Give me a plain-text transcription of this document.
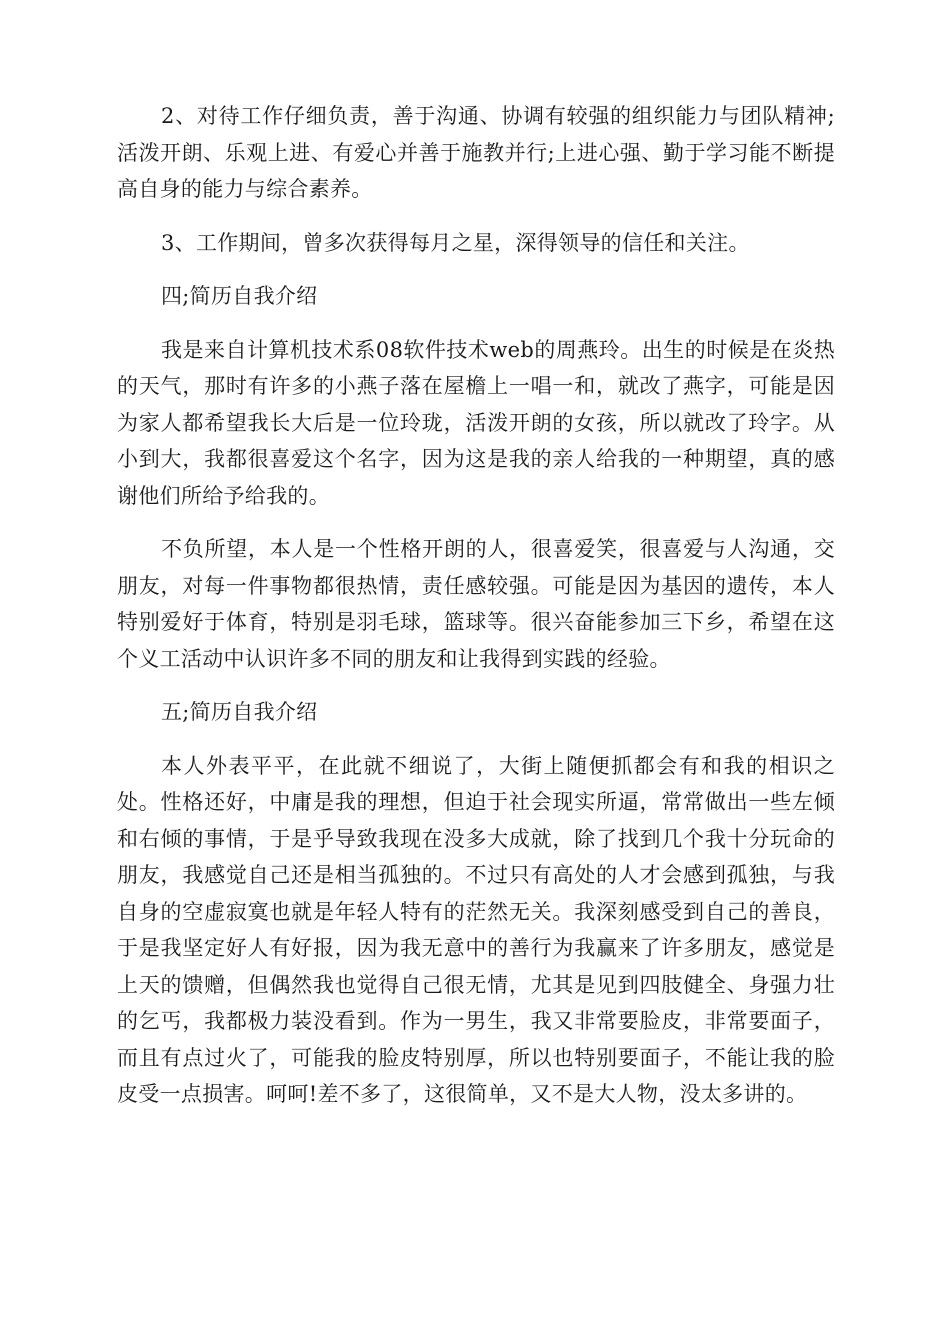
2、对待工作仔细负责，善于沟通、协调有较强的组织能力与团队精神;活泼开朗、乐观上进、有爱心并善于施教并行;上进心强、勤于学习能不断提高自身的能力与综合素养。

3、工作期间，曾多次获得每月之星，深得领导的信任和关注。

四;简历自我介绍

我是来自计算机技术系08软件技术web的周燕玲。出生的时候是在炎热的天气，那时有许多的小燕子落在屋檐上一唱一和，就改了燕字，可能是因为家人都希望我长大后是一位玲珑，活泼开朗的女孩，所以就改了玲字。从小到大，我都很喜爱这个名字，因为这是我的亲人给我的一种期望，真的感谢他们所给予给我的。

不负所望，本人是一个性格开朗的人，很喜爱笑，很喜爱与人沟通，交朋友，对每一件事物都很热情，责任感较强。可能是因为基因的遗传，本人特别爱好于体育，特别是羽毛球，篮球等。很兴奋能参加三下乡，希望在这个义工活动中认识许多不同的朋友和让我得到实践的经验。

五;简历自我介绍

本人外表平平，在此就不细说了，大街上随便抓都会有和我的相识之处。性格还好，中庸是我的理想，但迫于社会现实所逼，常常做出一些左倾和右倾的事情，于是乎导致我现在没多大成就，除了找到几个我十分玩命的朋友，我感觉自己还是相当孤独的。不过只有高处的人才会感到孤独，与我自身的空虚寂寞也就是年轻人特有的茫然无关。我深刻感受到自己的善良，于是我坚定好人有好报，因为我无意中的善行为我赢来了许多朋友，感觉是上天的馈赠，但偶然我也觉得自己很无情，尤其是见到四肢健全、身强力壮的乞丐，我都极力装没看到。作为一男生，我又非常要脸皮，非常要面子，而且有点过火了，可能我的脸皮特别厚，所以也特别要面子，不能让我的脸皮受一点损害。呵呵!差不多了，这很简单，又不是大人物，没太多讲的。
